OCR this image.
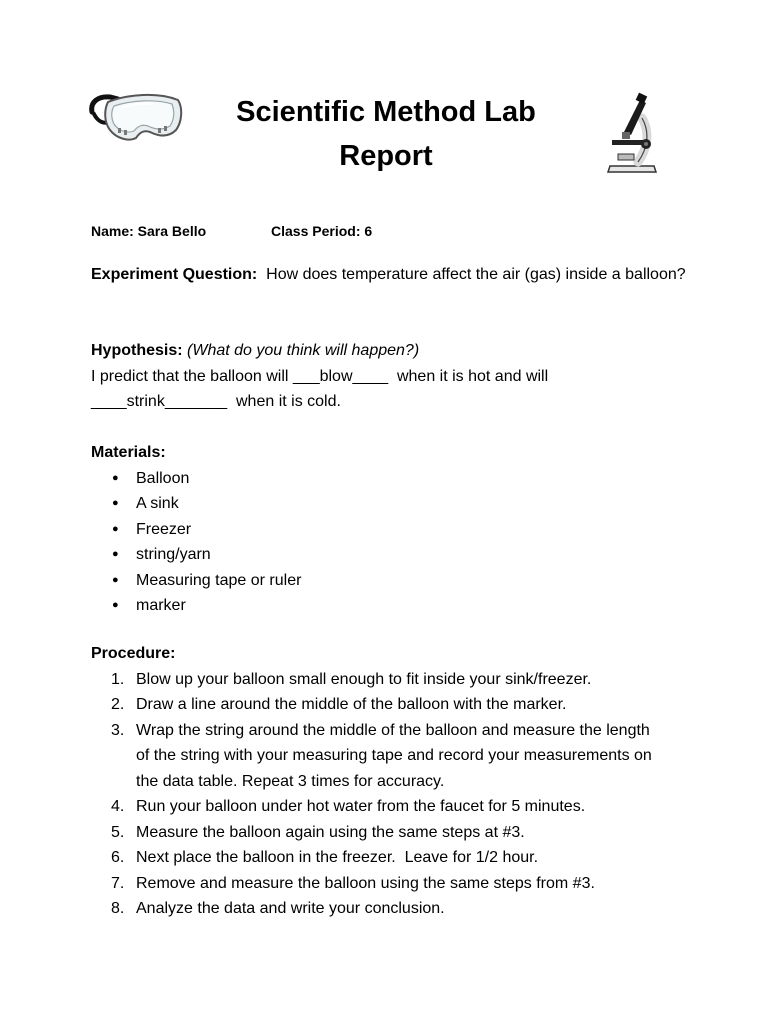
Scientific Method Lab
Report
Name: Sara Bello	Class Period: 6
Experiment Question:  How does temperature affect the air (gas) inside a balloon?
Hypothesis: (What do you think will happen?)
I predict that the balloon will ___blow____  when it is hot and will
____strink_______  when it is cold.
Materials:
● Balloon
● A sink
● Freezer
● string/yarn
● Measuring tape or ruler
● marker
Procedure:
1. Blow up your balloon small enough to fit inside your sink/freezer.
2. Draw a line around the middle of the balloon with the marker.
3. Wrap the string around the middle of the balloon and measure the length of the string with your measuring tape and record your measurements on the data table. Repeat 3 times for accuracy.
4. Run your balloon under hot water from the faucet for 5 minutes.
5. Measure the balloon again using the same steps at #3.
6. Next place the balloon in the freezer.  Leave for 1/2 hour.
7. Remove and measure the balloon using the same steps from #3.
8. Analyze the data and write your conclusion.
